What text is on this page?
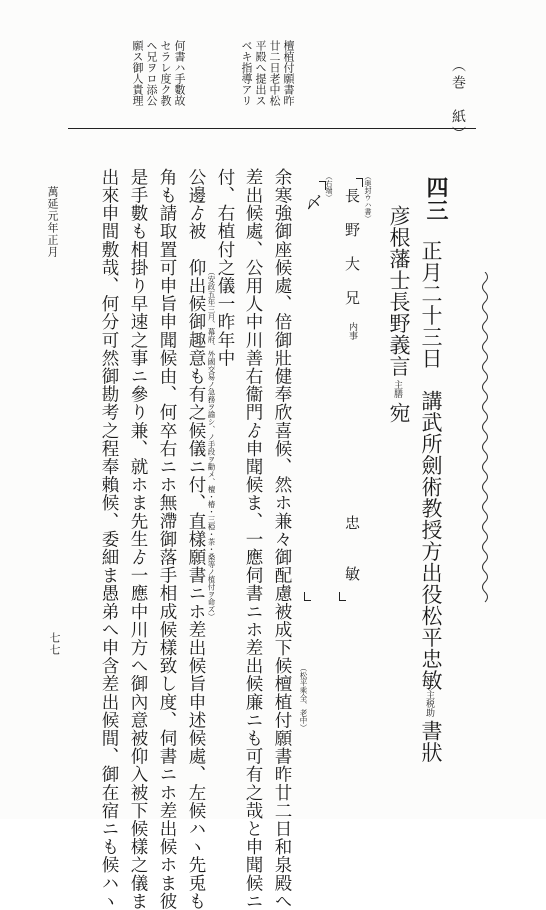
（巻　紙）
檀植付願書昨
廿二日老中松
平殿へ提出ス
ベキ指導アリ
何書ハ手數故
セラレ度ク教
ヘ兄ヲロ添公
願ス御人貴理
四三
正月二十三日
講武所劍術教授方出役松平忠敏
主税助
書狀
彦根藩士長野義言
主膳
宛
（奥封ウハ書）
長　野　大　兄
内事
忠　　敏
（右端）
〆
（松平乘全、老中）
余寒強御座候處、倍御壯健奉欣喜候、然ホ兼々御配慮被成下候檀植付願書昨廿二日和泉殿へ
差出候處、公用人中川善右衞門ゟ申聞候ま、一應伺書ニホ差出候廉ニも可有之哉と申聞候ニ
付、右植付之儀一昨年中
（安政五年三月、幕府、外國交易ノ急務ヲ諭シ、ノ手段ヲ勸メ、檀・椿・三椏・茶・桑等ノ植付ヲ命ズ）
公邊ゟ被　仰出候御趣意も有之候儀ニ付、直樣願書ニホ差出候旨申述候處、左候ハヽ先兎も
角も請取置可申旨申聞候由、何卒右ニホ無滯御落手相成候樣致し度、伺書ニホ差出候ホま彼
是手數も相掛り早速之事ニ參り兼、就ホま先生ゟ一應中川方へ御內意被仰入被下候樣之儀ま
出來申間敷哉、何分可然御勘考之程奉賴候、委細ま愚弟へ申含差出候間、御在宿ニも候ハヽ
萬延元年正月
七七
